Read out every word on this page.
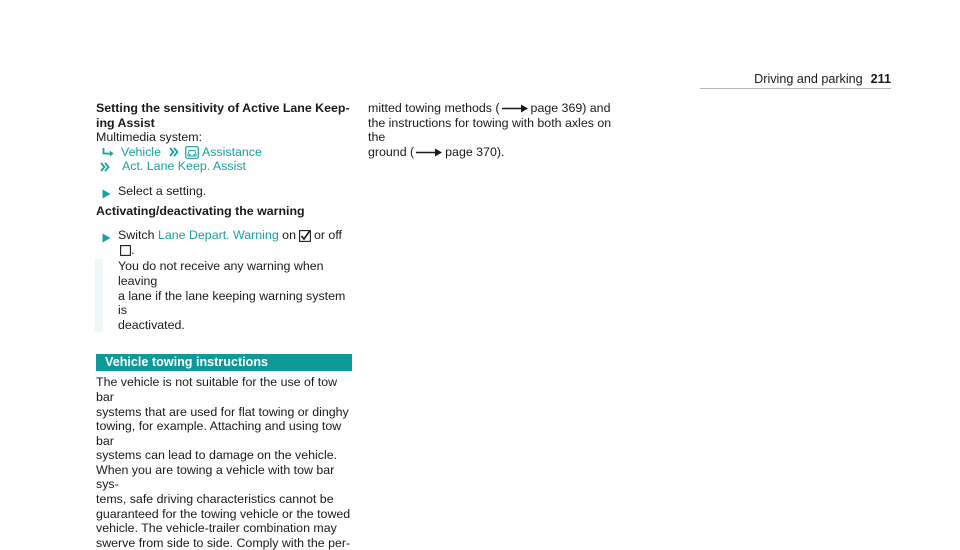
Driving and parking 211

Setting the sensitivity of Active Lane Keep-

ing Assist

Multimedia system:

Vehicle	Assistance
Act. Lane Keep. Assist

Select a setting.

Activating/deactivating the warning

Switch Lane Depart. Warning on or off

.

You do not receive any warning when leaving

a lane if the lane keeping warning system is

deactivated.

Vehicle towing instructions

The vehicle is not suitable for the use of tow bar

systems that are used for flat towing or dinghy

towing, for example. Attaching and using tow bar

systems can lead to damage on the vehicle.

When you are towing a vehicle with tow bar sys-

tems, safe driving characteristics cannot be

guaranteed for the towing vehicle or the towed

vehicle. The vehicle-trailer combination may

swerve from side to side. Comply with the per-

mitted towing methods (	page 369) and

the instructions for towing with both axles on the

ground (	page 370).
